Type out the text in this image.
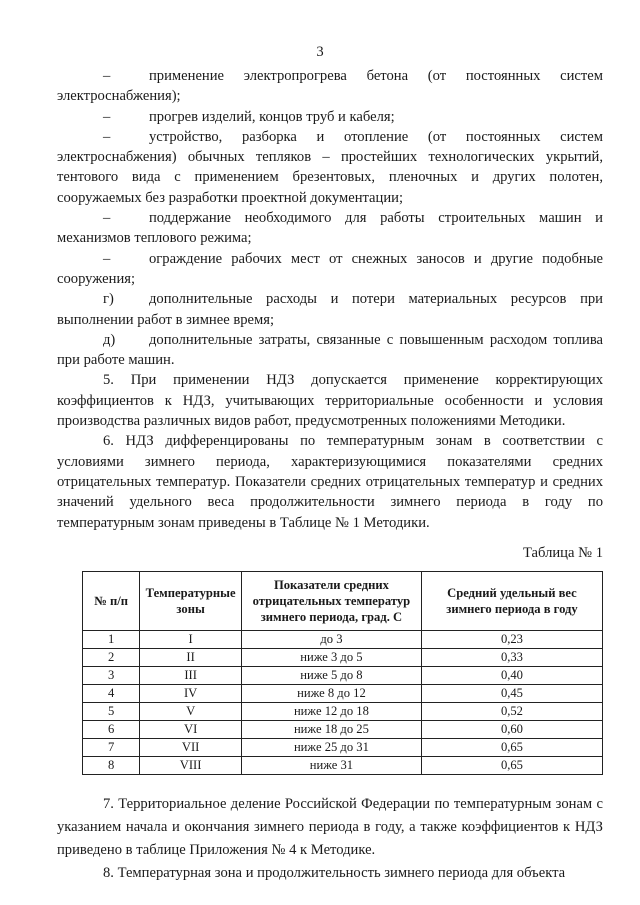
3

–	применение электропрогрева бетона (от постоянных систем электроснабжения);

–	прогрев изделий, концов труб и кабеля;

–	устройство, разборка и отопление (от постоянных систем электроснабжения) обычных тепляков – простейших технологических укрытий, тентового вида с применением брезентовых, пленочных и других полотен, сооружаемых без разработки проектной документации;

–	поддержание необходимого для работы строительных машин и механизмов теплового режима;

–	ограждение рабочих мест от снежных заносов и другие подобные сооружения;

г) дополнительные расходы и потери материальных ресурсов при выполнении работ в зимнее время;

д) дополнительные затраты, связанные с повышенным расходом топлива при работе машин.

5. При применении НДЗ допускается применение корректирующих коэффициентов к НДЗ, учитывающих территориальные особенности и условия производства различных видов работ, предусмотренных положениями Методики.

6. НДЗ дифференцированы по температурным зонам в соответствии с условиями зимнего периода, характеризующимися показателями средних отрицательных температур. Показатели средних отрицательных температур и средних значений удельного веса продолжительности зимнего периода в году по температурным зонам приведены в Таблице № 1 Методики.

Таблица № 1
№ п/п	Температурные зоны	Показатели средних отрицательных температур зимнего периода, град. С	Средний удельный вес зимнего периода в году
1	I	до 3	0,23
2	II	ниже 3 до 5	0,33
3	III	ниже 5 до 8	0,40
4	IV	ниже 8 до 12	0,45
5	V	ниже 12 до 18	0,52
6	VI	ниже 18 до 25	0,60
7	VII	ниже 25 до 31	0,65
8	VIII	ниже 31	0,65

7. Территориальное деление Российской Федерации по температурным зонам с указанием начала и окончания зимнего периода в году, а также коэффициентов к НДЗ приведено в таблице Приложения № 4 к Методике.

8. Температурная зона и продолжительность зимнего периода для объекта
